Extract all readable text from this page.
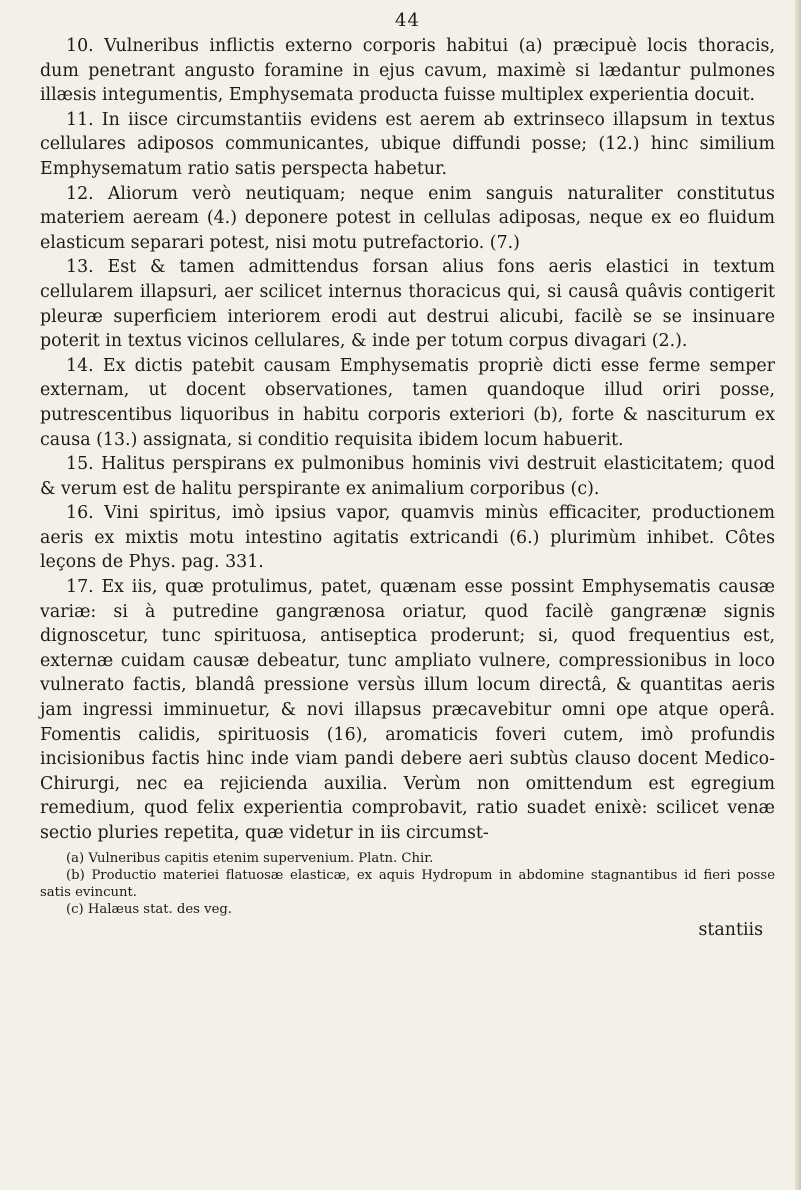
44

10. Vulneribus inflictis externo corporis habitui (a) præcipuè locis thoracis, dum penetrant angusto foramine in ejus cavum, maximè si lædantur pulmones illæsis integumentis, Emphysemata producta fuisse multiplex experientia docuit.

11. In iisce circumstantiis evidens est aerem ab extrinseco illapsum in textus cellulares adiposos communicantes, ubique diffundi posse; (12.) hinc similium Emphysematum ratio satis perspecta habetur.

12. Aliorum verò neutiquam; neque enim sanguis naturaliter constitutus materiem aeream (4.) deponere potest in cellulas adiposas, neque ex eo fluidum elasticum separari potest, nisi motu putrefactorio. (7.)

13. Est & tamen admittendus forsan alius fons aeris elastici in textum cellularem illapsuri, aer scilicet internus thoracicus qui, si causâ quâvis contigerit pleuræ superficiem interiorem erodi aut destrui alicubi, facilè se se insinuare poterit in textus vicinos cellulares, & inde per totum corpus divagari (2.).

14. Ex dictis patebit causam Emphysematis propriè dicti esse ferme semper externam, ut docent observationes, tamen quandoque illud oriri posse, putrescentibus liquoribus in habitu corporis exteriori (b), forte & nasciturum ex causa (13.) assignata, si conditio requisita ibidem locum habuerit.

15. Halitus perspirans ex pulmonibus hominis vivi destruit elasticitatem; quod & verum est de halitu perspirante ex animalium corporibus (c).

16. Vini spiritus, imò ipsius vapor, quamvis minùs efficaciter, productionem aeris ex mixtis motu intestino agitatis extricandi (6.) plurimùm inhibet. Côtes leçons de Phys. pag. 331.

17. Ex iis, quæ protulimus, patet, quænam esse possint Emphysematis causæ variæ: si à putredine gangrænosa oriatur, quod facilè gangrænæ signis dignoscetur, tunc spirituosa, antiseptica proderunt; si, quod frequentius est, externæ cuidam causæ debeatur, tunc ampliato vulnere, compressionibus in loco vulnerato factis, blandâ pressione versùs illum locum directâ, & quantitas aeris jam ingressi imminuetur, & novi illapsus præcavebitur omni ope atque operâ. Fomentis calidis, spirituosis (16), aromaticis foveri cutem, imò profundis incisionibus factis hinc inde viam pandi debere aeri subtùs clauso docent Medico-Chirurgi, nec ea rejicienda auxilia. Verùm non omittendum est egregium remedium, quod felix experientia comprobavit, ratio suadet enixè: scilicet venæ sectio pluries repetita, quæ videtur in iis circumst-

(a) Vulneribus capitis etenim supervenium. Platn. Chir.

(b) Productio materiei flatuosæ elasticæ, ex aquis Hydropum in abdomine stagnantibus id fieri posse satis evincunt.

(c) Halæus stat. des veg.

stantiis
